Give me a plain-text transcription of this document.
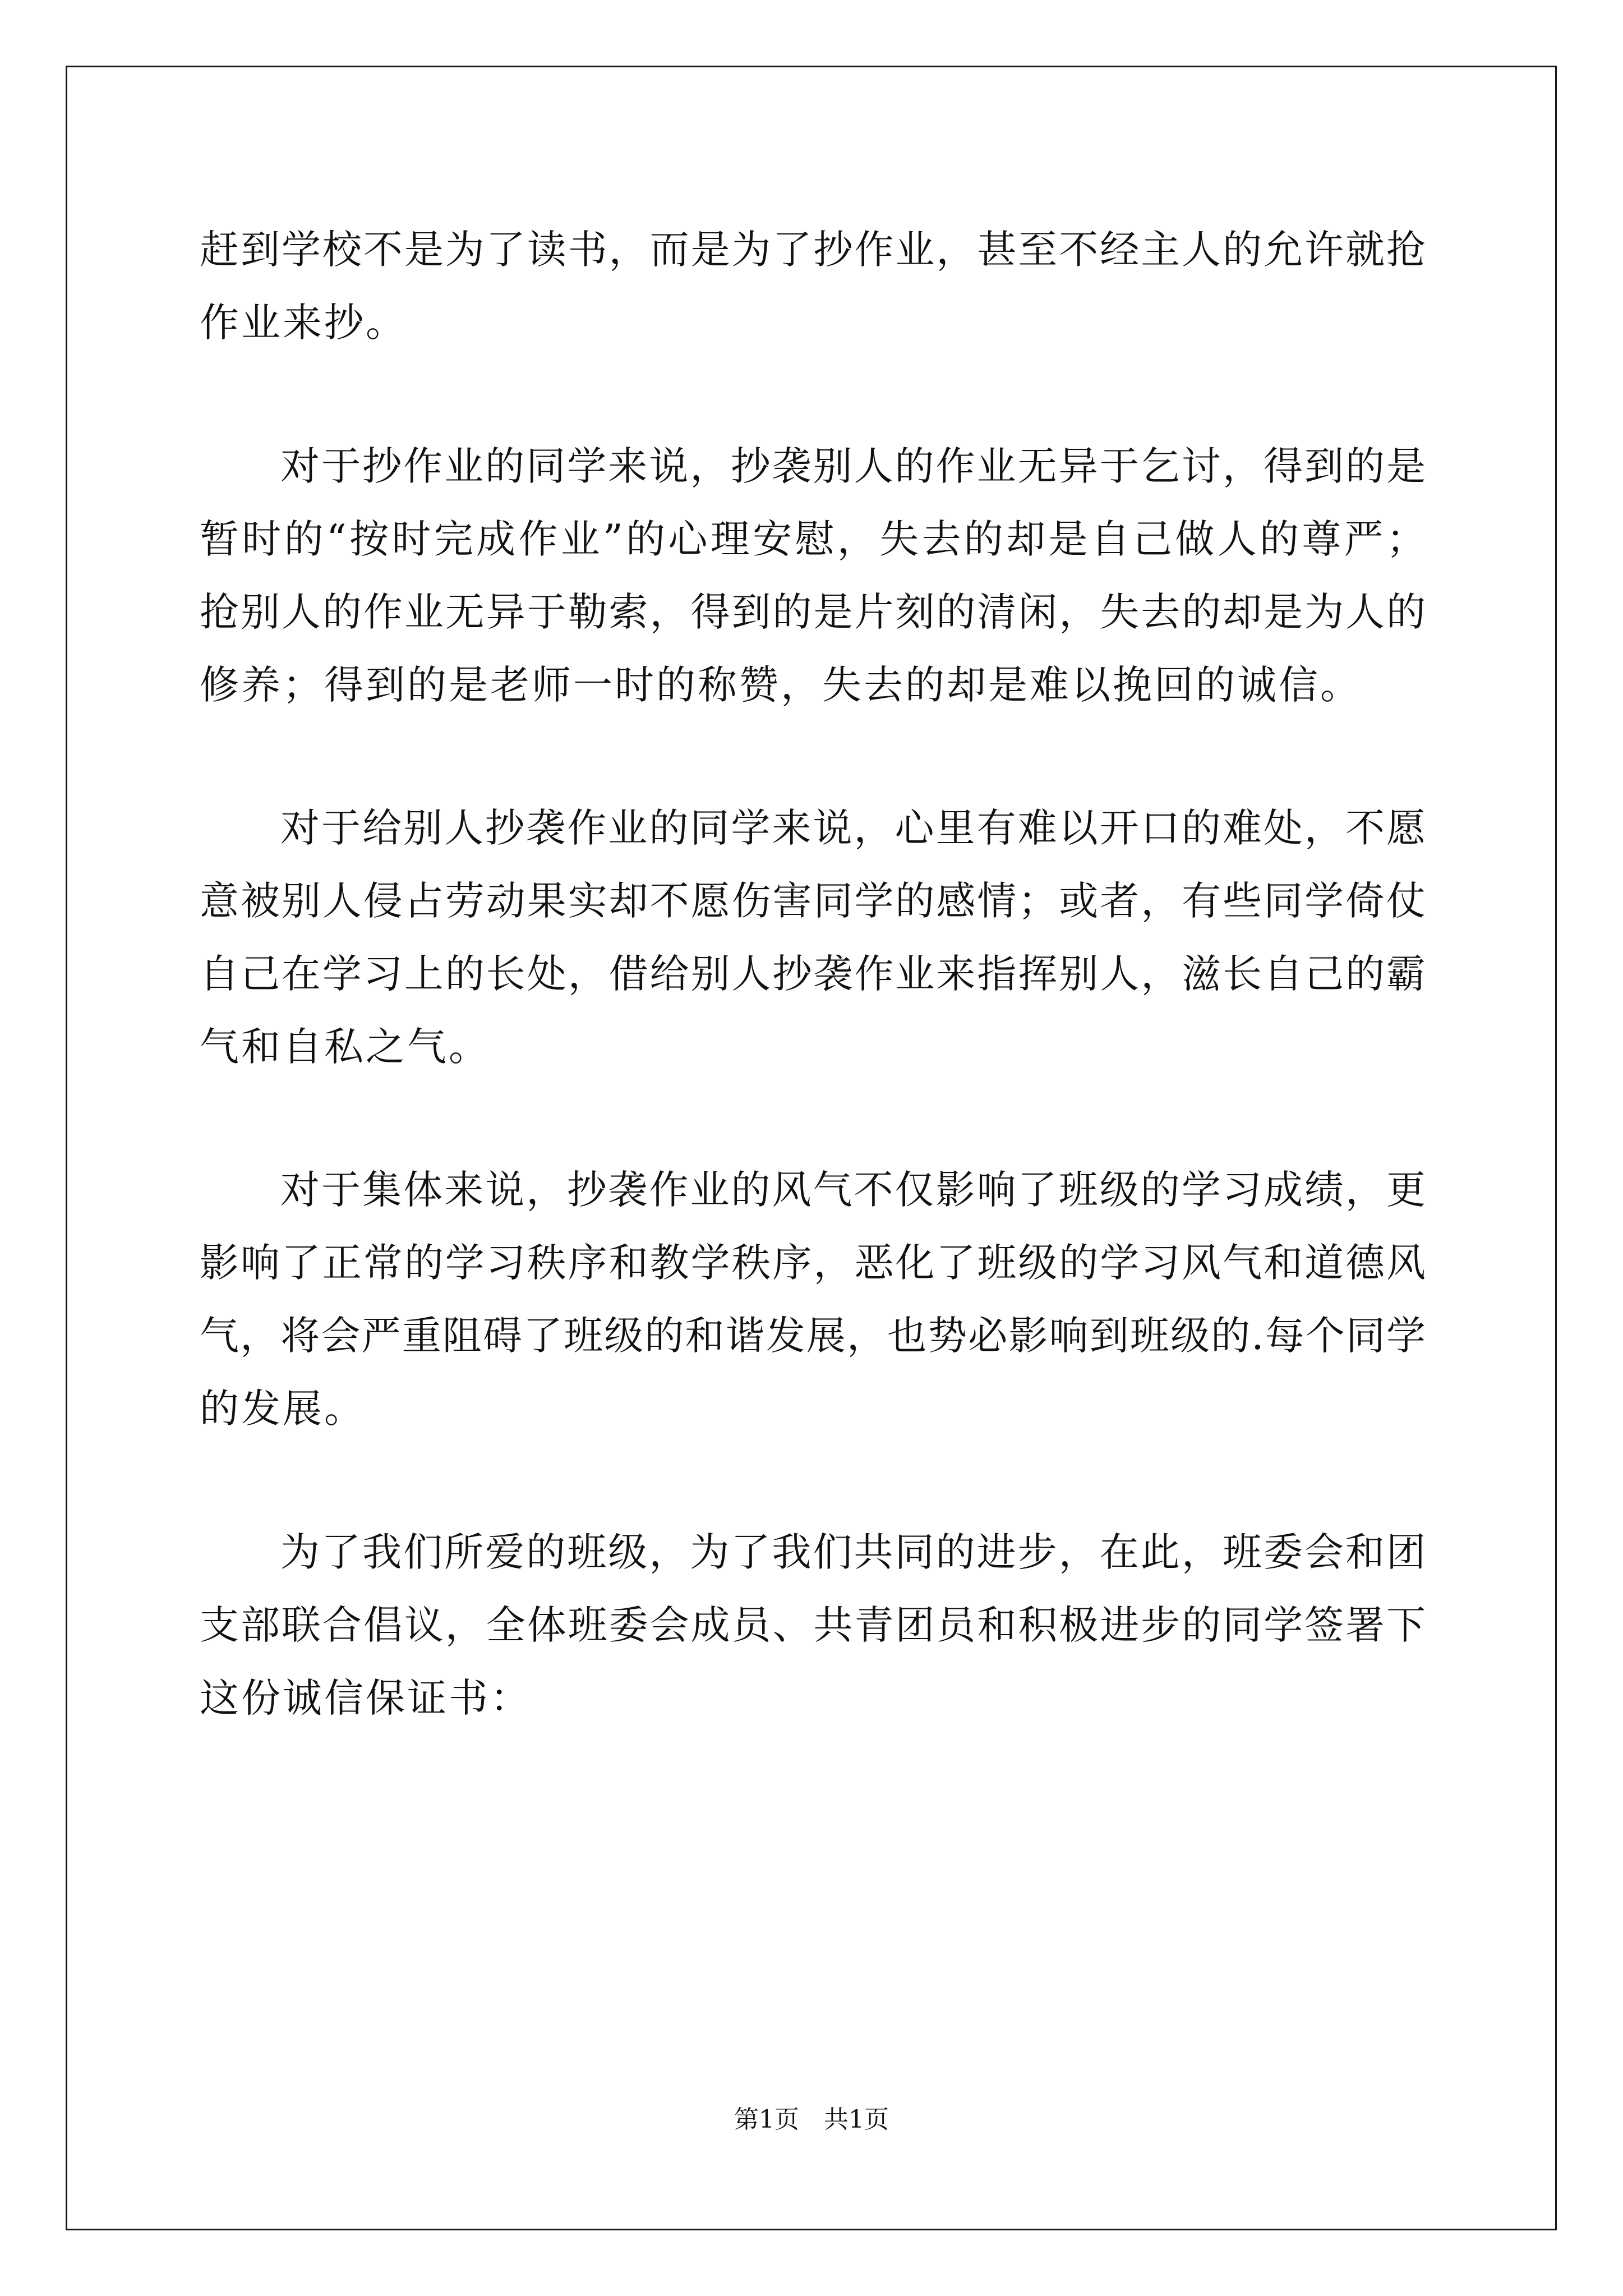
赶到学校不是为了读书，而是为了抄作业，甚至不经主人的允许就抢

作业来抄。

对于抄作业的同学来说，抄袭别人的作业无异于乞讨，得到的是

暂时的“按时完成作业”的心理安慰，失去的却是自己做人的尊严；

抢别人的作业无异于勒索，得到的是片刻的清闲，失去的却是为人的

修养；得到的是老师一时的称赞，失去的却是难以挽回的诚信。

对于给别人抄袭作业的同学来说，心里有难以开口的难处，不愿

意被别人侵占劳动果实却不愿伤害同学的感情；或者，有些同学倚仗

自己在学习上的长处，借给别人抄袭作业来指挥别人，滋长自己的霸

气和自私之气。

对于集体来说，抄袭作业的风气不仅影响了班级的学习成绩，更

影响了正常的学习秩序和教学秩序，恶化了班级的学习风气和道德风

气，将会严重阻碍了班级的和谐发展，也势必影响到班级的.每个同学

的发展。

为了我们所爱的班级，为了我们共同的进步，在此，班委会和团

支部联合倡议，全体班委会成员、共青团员和积极进步的同学签署下

这份诚信保证书：

第1页　共1页
